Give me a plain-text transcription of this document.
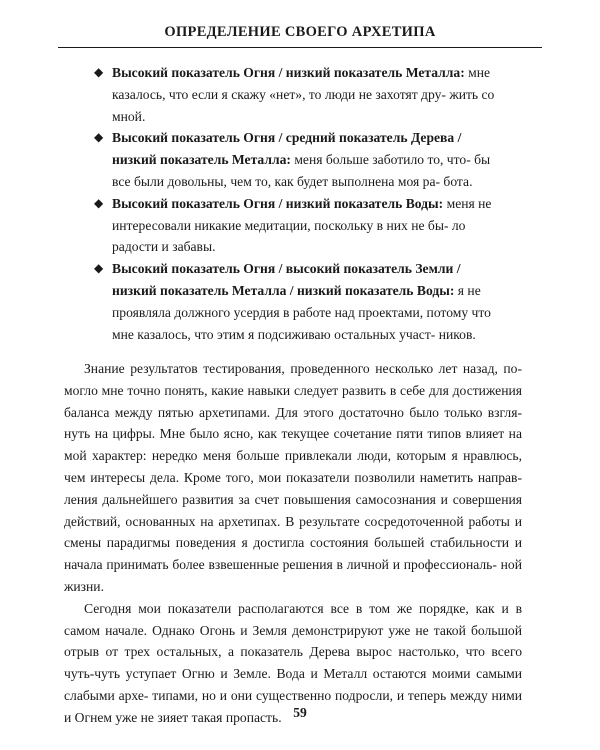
ОПРЕДЕЛЕНИЕ СВОЕГО АРХЕТИПА

◆ Высокий показатель Огня / низкий показатель Металла: мне казалось, что если я скажу «нет», то люди не захотят дру- жить со мной.

◆ Высокий показатель Огня / средний показатель Дерева / низкий показатель Металла: меня больше заботило то, что- бы все были довольны, чем то, как будет выполнена моя ра- бота.

◆ Высокий показатель Огня / низкий показатель Воды: меня не интересовали никакие медитации, поскольку в них не бы- ло радости и забавы.

◆ Высокий показатель Огня / высокий показатель Земли / низкий показатель Металла / низкий показатель Воды: я не проявляла должного усердия в работе над проектами, потому что мне казалось, что этим я подсиживаю остальных участ- ников.

Знание результатов тестирования, проведенного несколько лет назад, по- могло мне точно понять, какие навыки следует развить в себе для достижения баланса между пятью архетипами. Для этого достаточно было только взгля- нуть на цифры. Мне было ясно, как текущее сочетание пяти типов влияет на мой характер: нередко меня больше привлекали люди, которым я нравлюсь, чем интересы дела. Кроме того, мои показатели позволили наметить направ- ления дальнейшего развития за счет повышения самосознания и совершения действий, основанных на архетипах. В результате сосредоточенной работы и смены парадигмы поведения я достигла состояния большей стабильности и начала принимать более взвешенные решения в личной и профессиональ- ной жизни.

Сегодня мои показатели располагаются все в том же порядке, как и в самом начале. Однако Огонь и Земля демонстрируют уже не такой большой отрыв от трех остальных, а показатель Дерева вырос настолько, что всего чуть-чуть уступает Огню и Земле. Вода и Металл остаются моими самыми слабыми архе- типами, но и они существенно подросли, и теперь между ними и Огнем уже не зияет такая пропасть. 59
